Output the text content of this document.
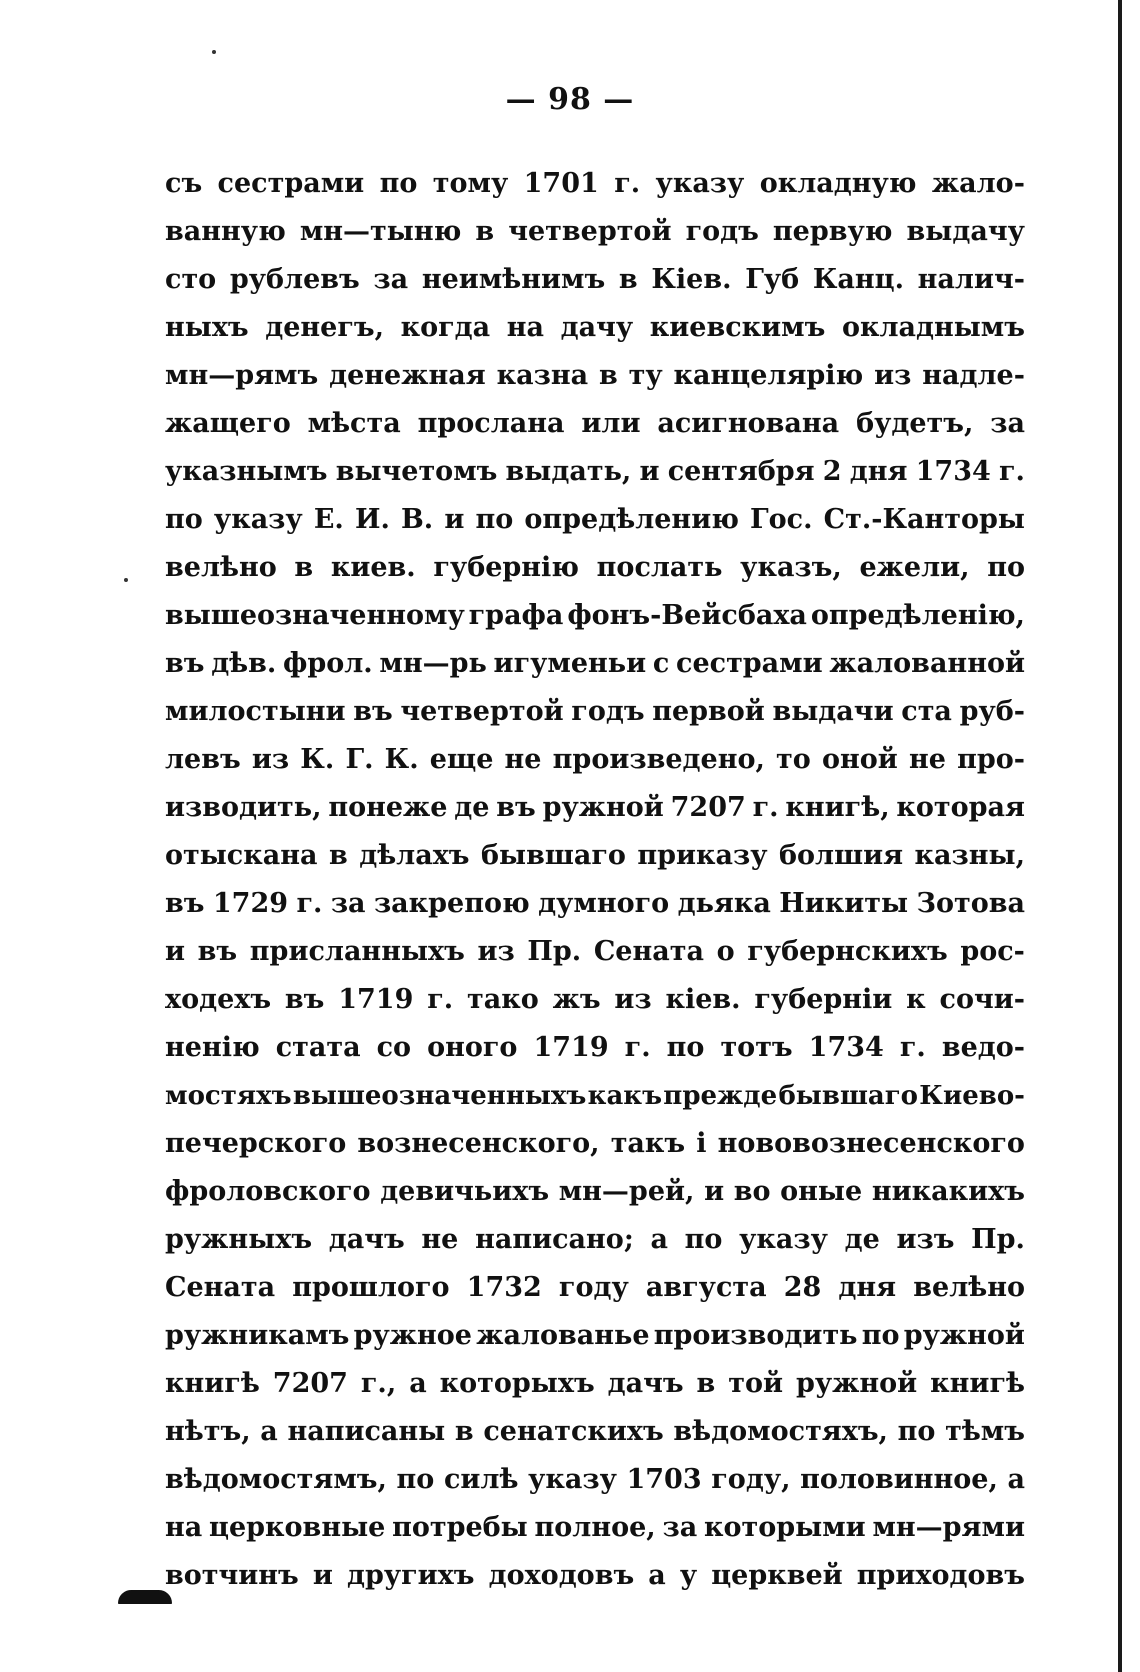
— 98 —
съ сестрами по тому 1701 г. указу окладную жало-
ванную мн—тыню в четвертой годъ первую выдачу
сто рублевъ за неимѣнимъ в Кiев. Губ Канц. налич-
ныхъ денегъ, когда на дачу киевскимъ окладнымъ
мн—рямъ денежная казна в ту канцелярiю из надле-
жащего мѣста прослана или асигнована будетъ, за
указнымъ вычетомъ выдать, и сентября 2 дня 1734 г.
по указу Е. И. В. и по опредѣлению Гос. Ст.-Канторы
велѣно в киев. губернiю послать указъ, ежели, по
вышеозначенному графа фонъ-Вейсбаха опредѣленiю,
въ дѣв. фрол. мн—рь игуменьи с сестрами жалованной
милостыни въ четвертой годъ первой выдачи ста руб-
левъ из К. Г. К. еще не произведено, то оной не про-
изводить, понеже де въ ружной 7207 г. книгѣ, которая
отыскана в дѣлахъ бывшаго приказу болшия казны,
въ 1729 г. за закрепою думного дьяка Никиты Зотова
и въ присланныхъ из Пр. Сената о губернскихъ рос-
ходехъ въ 1719 г. тако жъ из кiев. губернiи к сочи-
ненiю стата со оного 1719 г. по тотъ 1734 г. ведо-
мостяхъ вышеозначенныхъ какъ прежде бывшаго Киево-
печерского вознесенского, такъ і нововознесенского
фроловского девичьихъ мн—рей, и во оные никакихъ
ружныхъ дачъ не написано; а по указу де изъ Пр.
Сената прошлого 1732 году августа 28 дня велѣно
ружникамъ ружное жалованье производить по ружной
книгѣ 7207 г., а которыхъ дачъ в той ружной книгѣ
нѣтъ, а написаны в сенатскихъ вѣдомостяхъ, по тѣмъ
вѣдомостямъ, по силѣ указу 1703 году, половинное, а
на церковные потребы полное, за которыми мн—рями
вотчинъ и другихъ доходовъ а у церквей приходовъ
